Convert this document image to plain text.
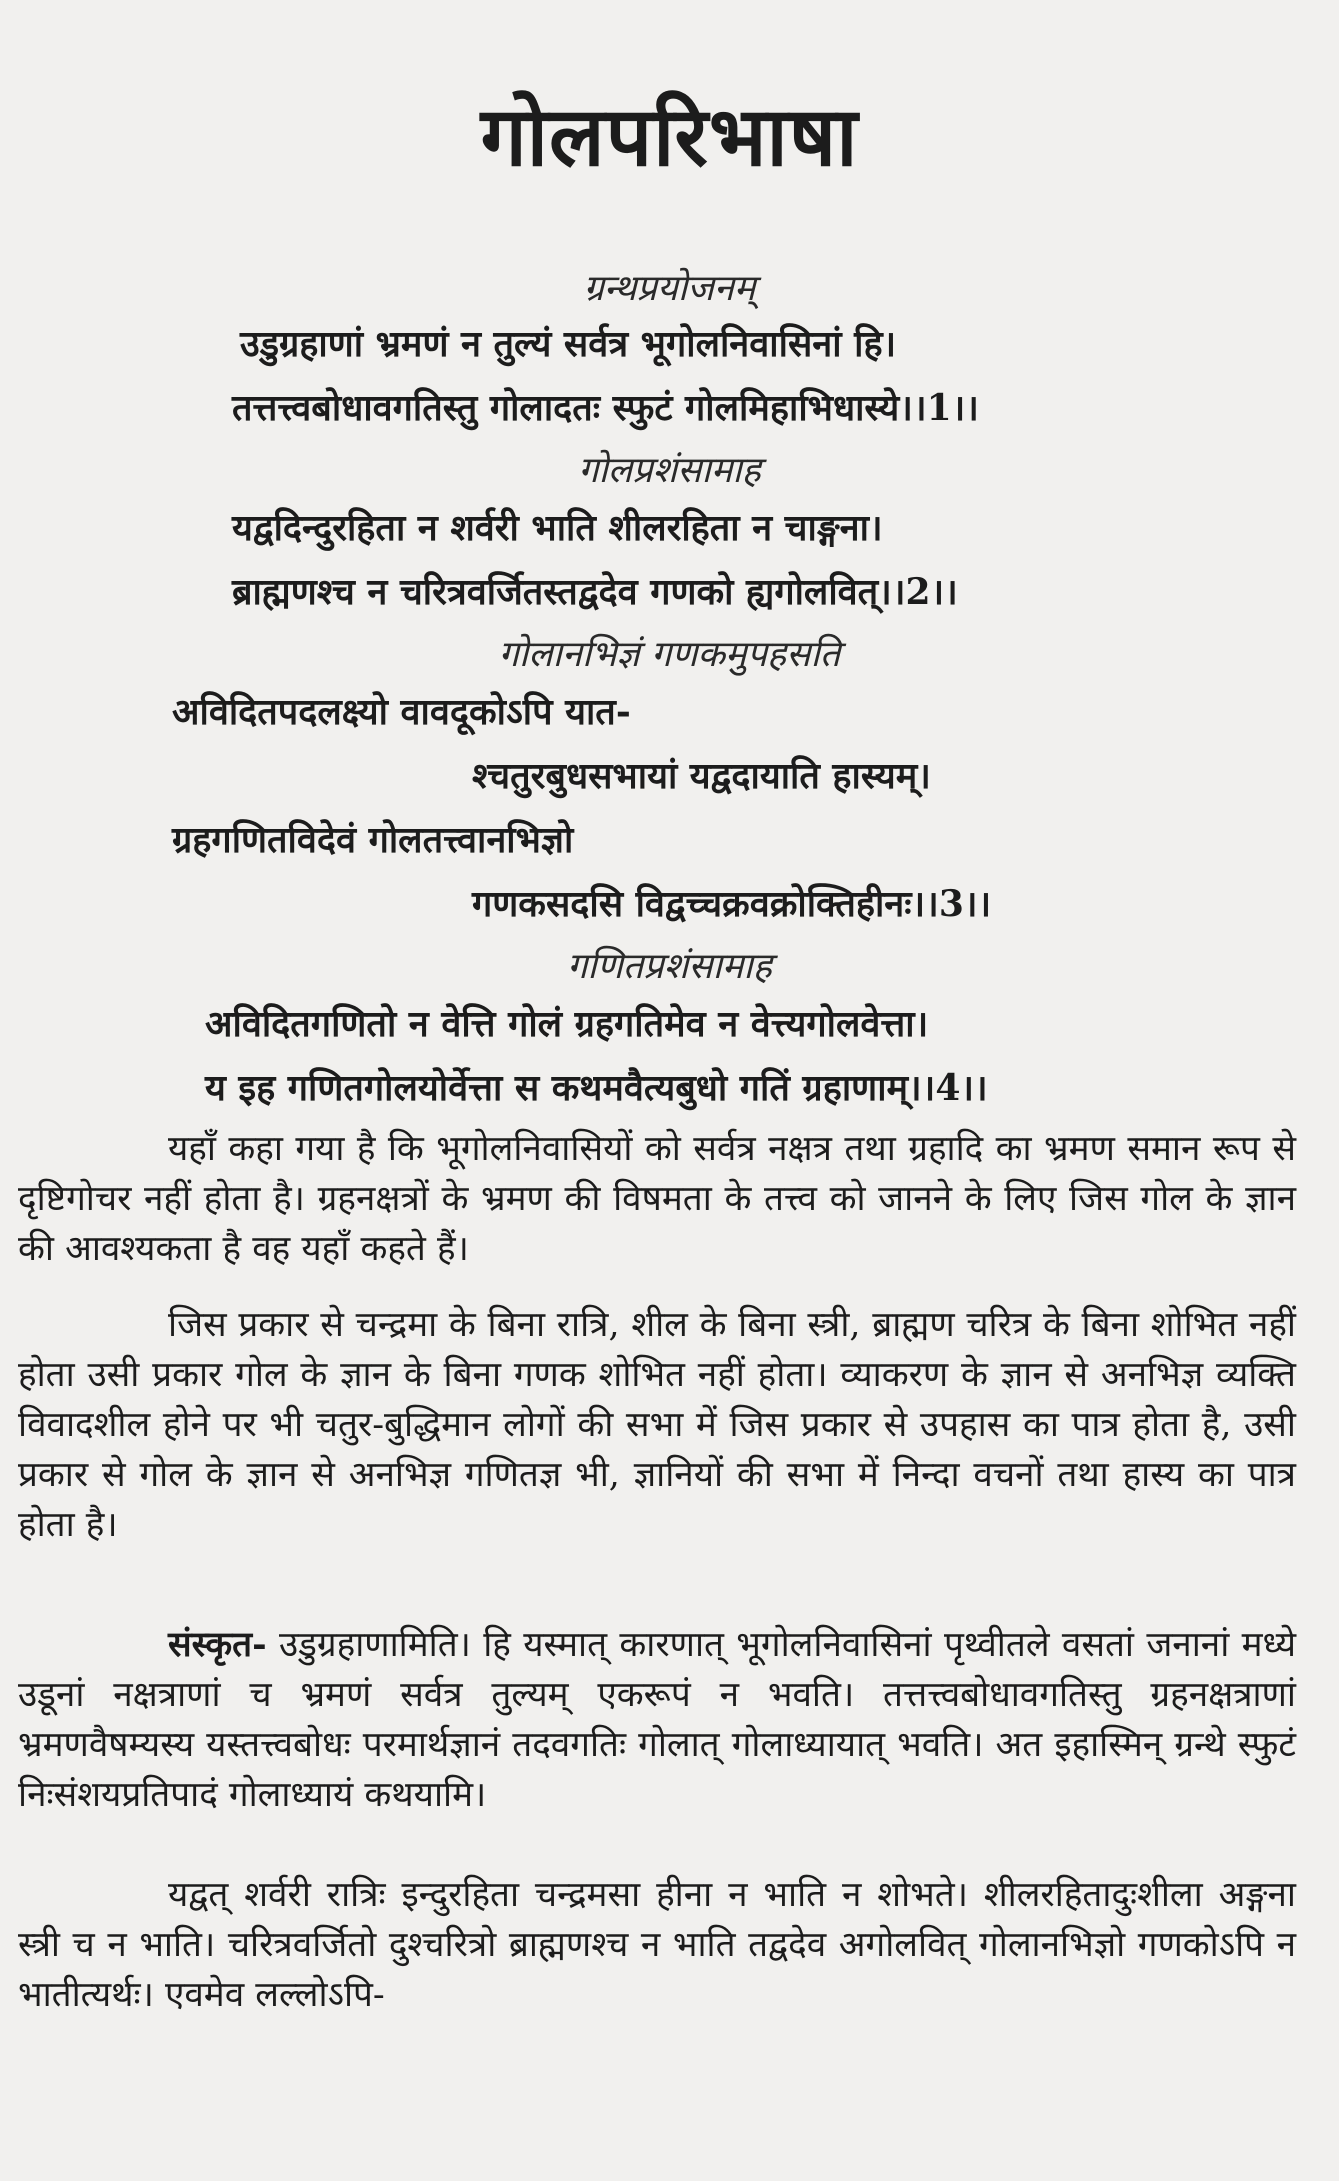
गोलपरिभाषा
ग्रन्थप्रयोजनम्
उडुग्रहाणां भ्रमणं न तुल्यं सर्वत्र भूगोलनिवासिनां हि।
तत्तत्त्वबोधावगतिस्तु गोलादतः स्फुटं गोलमिहाभिधास्ये।।1।।
गोलप्रशंसामाह
यद्वदिन्दुरहिता न शर्वरी भाति शीलरहिता न चाङ्गना।
ब्राह्मणश्च न चरित्रवर्जितस्तद्वदेव गणको ह्यगोलवित्।।2।।
गोलानभिज्ञं गणकमुपहसति
अविदितपदलक्ष्यो वावदूकोऽपि यात-
श्चतुरबुधसभायां यद्वदायाति हास्यम्।
ग्रहगणितविदेवं गोलतत्त्वानभिज्ञो
गणकसदसि विद्वच्चक्रवक्रोक्तिहीनः।।3।।
गणितप्रशंसामाह
अविदितगणितो न वेत्ति गोलं ग्रहगतिमेव न वेत्त्यगोलवेत्ता।
य इह गणितगोलयोर्वेत्ता स कथमवैत्यबुधो गतिं ग्रहाणाम्।।4।।
यहाँ कहा गया है कि भूगोलनिवासियों को सर्वत्र नक्षत्र तथा ग्रहादि का भ्रमण समान रूप से दृष्टिगोचर नहीं होता है। ग्रहनक्षत्रों के भ्रमण की विषमता के तत्त्व को जानने के लिए जिस गोल के ज्ञान की आवश्यकता है वह यहाँ कहते हैं।
जिस प्रकार से चन्द्रमा के बिना रात्रि, शील के बिना स्त्री, ब्राह्मण चरित्र के बिना शोभित नहीं होता उसी प्रकार गोल के ज्ञान के बिना गणक शोभित नहीं होता। व्याकरण के ज्ञान से अनभिज्ञ व्यक्ति विवादशील होने पर भी चतुर-बुद्धिमान लोगों की सभा में जिस प्रकार से उपहास का पात्र होता है, उसी प्रकार से गोल के ज्ञान से अनभिज्ञ गणितज्ञ भी, ज्ञानियों की सभा में निन्दा वचनों तथा हास्य का पात्र होता है।
संस्कृत- उडुग्रहाणामिति। हि यस्मात् कारणात् भूगोलनिवासिनां पृथ्वीतले वसतां जनानां मध्ये उडूनां नक्षत्राणां च भ्रमणं सर्वत्र तुल्यम् एकरूपं न भवति। तत्तत्त्वबोधावगतिस्तु ग्रहनक्षत्राणां भ्रमणवैषम्यस्य यस्तत्त्वबोधः परमार्थज्ञानं तदवगतिः गोलात् गोलाध्यायात् भवति। अत इहास्मिन् ग्रन्थे स्फुटं निःसंशयप्रतिपादं गोलाध्यायं कथयामि।
यद्वत् शर्वरी रात्रिः इन्दुरहिता चन्द्रमसा हीना न भाति न शोभते। शीलरहितादुःशीला अङ्गना स्त्री च न भाति। चरित्रवर्जितो दुश्चरित्रो ब्राह्मणश्च न भाति तद्वदेव अगोलवित् गोलानभिज्ञो गणकोऽपि न भातीत्यर्थः। एवमेव लल्लोऽपि-
